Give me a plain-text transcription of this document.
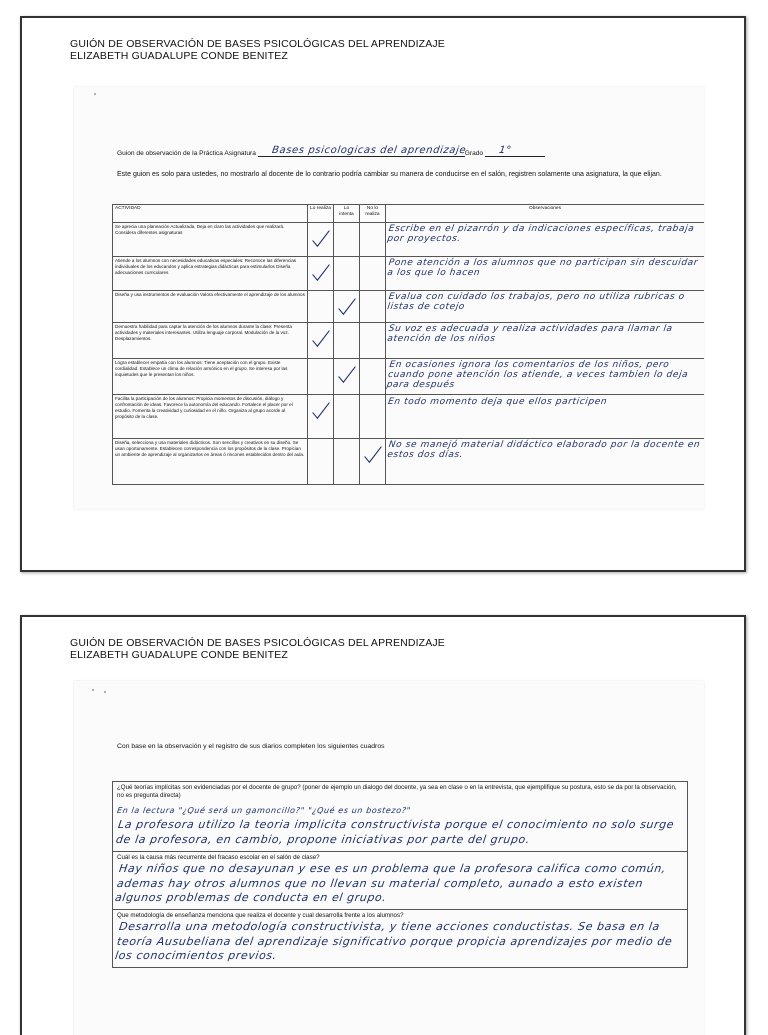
GUIÓN DE OBSERVACIÓN DE BASES PSICOLÓGICAS DEL APRENDIZAJE
ELIZABETH GUADALUPE CONDE BENITEZ
Guion de observación de la Práctica Asignatura Bases psicologicas del aprendizaje
Grado 1°
Este guion es solo para ustedes, no mostrarlo al docente de lo contrario podría cambiar su manera de conducirse en el salón, registren solamente una asignatura, la que elijan.
ACTIVIDAD	Lo realiza	Lo intenta	No lo realiza	Observaciones
Se aprecia una planeación Actualizada. Deja en claro las actividades que realizará. Considera diferentes asignaturas				Escribe en el pizarrón y da indicaciones específicas, trabaja por proyectos.
Atiende a los alumnos con necesidades educativas especiales: Reconoce las diferencias individuales de los educandos y aplica estrategias didácticas para estimularlos Diseña adecuaciones curriculares				Pone atención a los alumnos que no participan sin descuidar a los que lo hacen
Diseña y usa instrumentos de evaluación Valora efectivamente el aprendizaje de los alumnos				Evalua con cuidado los trabajos, pero no utiliza rubricas o listas de cotejo
Demuestra habilidad para captar la atención de los alumnos durante la clase: Presenta actividades y materiales interesantes. Utiliza lenguaje corporal. Modulación de la voz. Desplazamientos.				Su voz es adecuada y realiza actividades para llamar la atención de los niños
Logra establecer empatía con los alumnos: Tiene aceptación con el grupo. Existe cordialidad. Establece un clima de relación armónico en el grupo. Se interesa por las inquietudes que le presentan los niños.				En ocasiones ignora los comentarios de los niños, pero cuando pone atención los atiende, a veces tambien lo deja para después
Facilita la participación de los alumnos: Propicia momentos de discusión, diálogo y confrontación de ideas. Favorece la autonomía del educando. Fortalece el placer por el estudio. Fomenta la creatividad y curiosidad en el niño. Organiza al grupo acorde al propósito de la clase.				En todo momento deja que ellos participen
Diseña, selecciona y usa materiales didácticos. Son sencillos y creativos en su diseño. Se usan oportunamente. Establecen correspondencia con los propósitos de la clase. Propician un ambiente de aprendizaje al organizarlos en áreas ó rincones establecidos dentro del aula.				No se manejó material didáctico elaborado por la docente en estos dos días.
GUIÓN DE OBSERVACIÓN DE BASES PSICOLÓGICAS DEL APRENDIZAJE
ELIZABETH GUADALUPE CONDE BENITEZ
Con base en la observación y el registro de sus diarios completen los siguientes cuadros
¿Qué teorías implícitas son evidenciadas por el docente de grupo? (poner de ejemplo un dialogo del docente, ya sea en clase o en la entrevista, que ejemplifique su postura, esto se da por la observación, no es pregunta directa)
En la lectura "¿Qué será un gamoncillo?" "¿Qué es un bostezo?" La profesora utilizo la teoria implicita constructivista porque el conocimiento no solo surge de la profesora, en cambio, propone iniciativas por parte del grupo.
Cuál es la causa más recurrente del fracaso escolar en el salón de clase?
Hay niños que no desayunan y ese es un problema que la profesora califica como común, ademas hay otros alumnos que no llevan su material completo, aunado a esto existen algunos problemas de conducta en el grupo.
Que metodología de enseñanza menciona que realiza el docente y cual desarrolla frente a los alumnos?
Desarrolla una metodología constructivista, y tiene acciones conductistas. Se basa en la teoría Ausubeliana del aprendizaje significativo porque propicia aprendizajes por medio de los conocimientos previos.
